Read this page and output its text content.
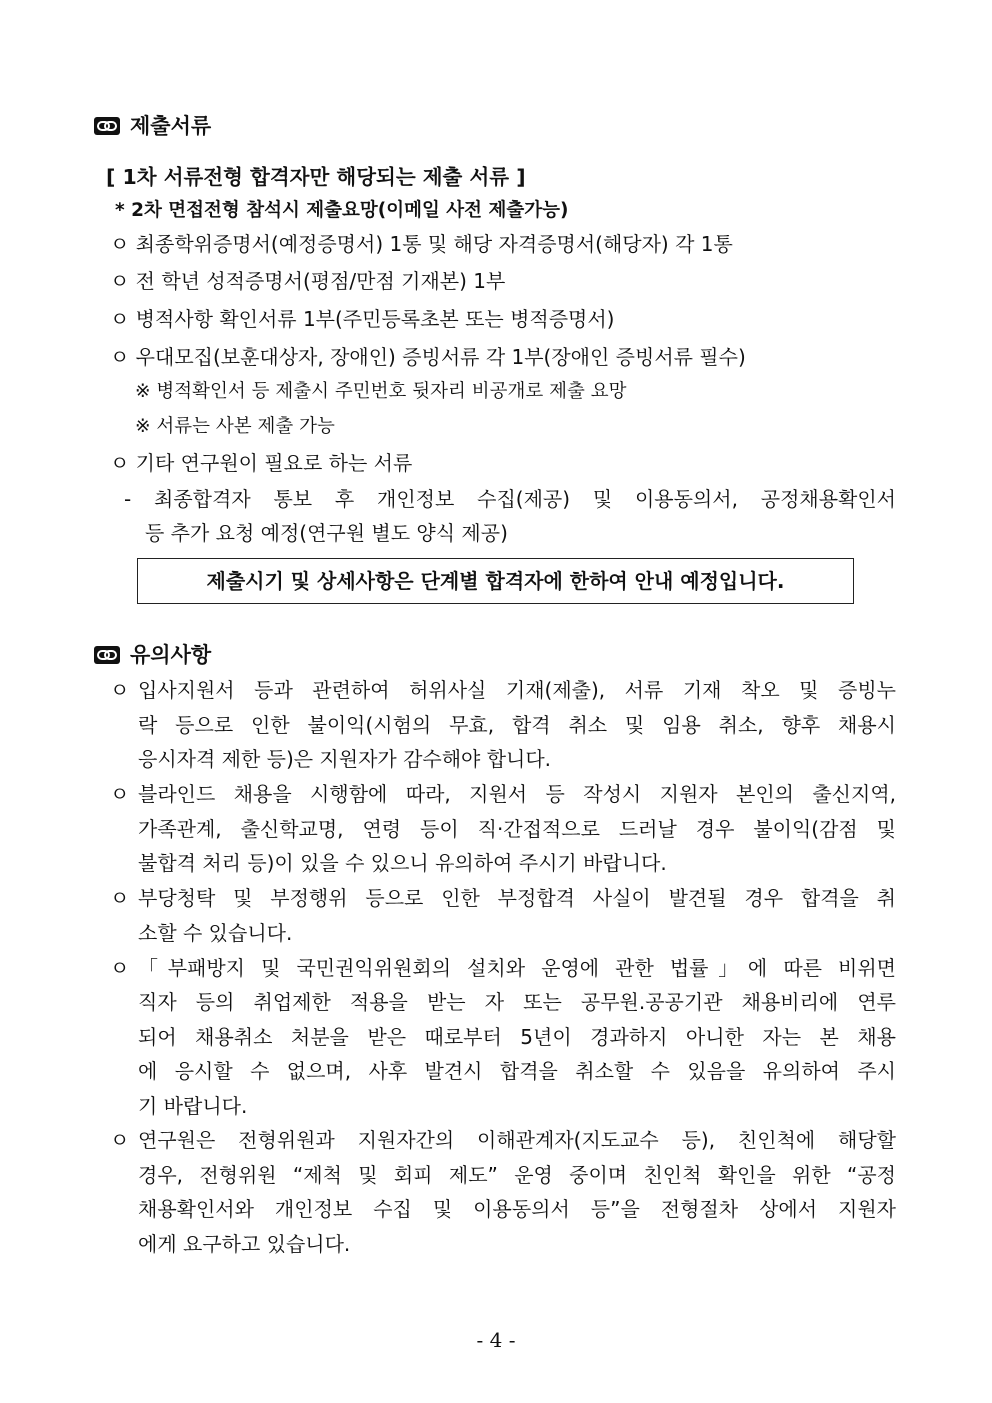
제출서류
[ 1차 서류전형 합격자만 해당되는 제출 서류 ]
* 2차 면접전형 참석시 제출요망(이메일 사전 제출가능)
ㅇ 최종학위증명서(예정증명서) 1통 및 해당 자격증명서(해당자) 각 1통
ㅇ 전 학년 성적증명서(평점/만점 기재본) 1부
ㅇ 병적사항 확인서류 1부(주민등록초본 또는 병적증명서)
ㅇ 우대모집(보훈대상자, 장애인) 증빙서류 각 1부(장애인 증빙서류 필수)
※ 병적확인서 등 제출시 주민번호 뒷자리 비공개로 제출 요망
※ 서류는 사본 제출 가능
ㅇ 기타 연구원이 필요로 하는 서류
- 최종합격자 통보 후 개인정보 수집(제공) 및 이용동의서, 공정채용확인서
등 추가 요청 예정(연구원 별도 양식 제공)
제출시기 및 상세사항은 단계별 합격자에 한하여 안내 예정입니다.
유의사항
ㅇ 입사지원서 등과 관련하여 허위사실 기재(제출), 서류 기재 착오 및 증빙누
락 등으로 인한 불이익(시험의 무효, 합격 취소 및 임용 취소, 향후 채용시
응시자격 제한 등)은 지원자가 감수해야 합니다.
ㅇ 블라인드 채용을 시행함에 따라, 지원서 등 작성시 지원자 본인의 출신지역,
가족관계, 출신학교명, 연령 등이 직·간접적으로 드러날 경우 불이익(감점 및
불합격 처리 등)이 있을 수 있으니 유의하여 주시기 바랍니다.
ㅇ 부당청탁 및 부정행위 등으로 인한 부정합격 사실이 발견될 경우 합격을 취
소할 수 있습니다.
ㅇ 「부패방지 및 국민권익위원회의 설치와 운영에 관한 법률」에 따른 비위면
직자 등의 취업제한 적용을 받는 자 또는 공무원.공공기관 채용비리에 연루
되어 채용취소 처분을 받은 때로부터 5년이 경과하지 아니한 자는 본 채용
에 응시할 수 없으며, 사후 발견시 합격을 취소할 수 있음을 유의하여 주시
기 바랍니다.
ㅇ 연구원은 전형위원과 지원자간의 이해관계자(지도교수 등), 친인척에 해당할
경우, 전형위원 “제척 및 회피 제도” 운영 중이며 친인척 확인을 위한 “공정
채용확인서와 개인정보 수집 및 이용동의서 등”을 전형절차 상에서 지원자
에게 요구하고 있습니다.
- 4 -
